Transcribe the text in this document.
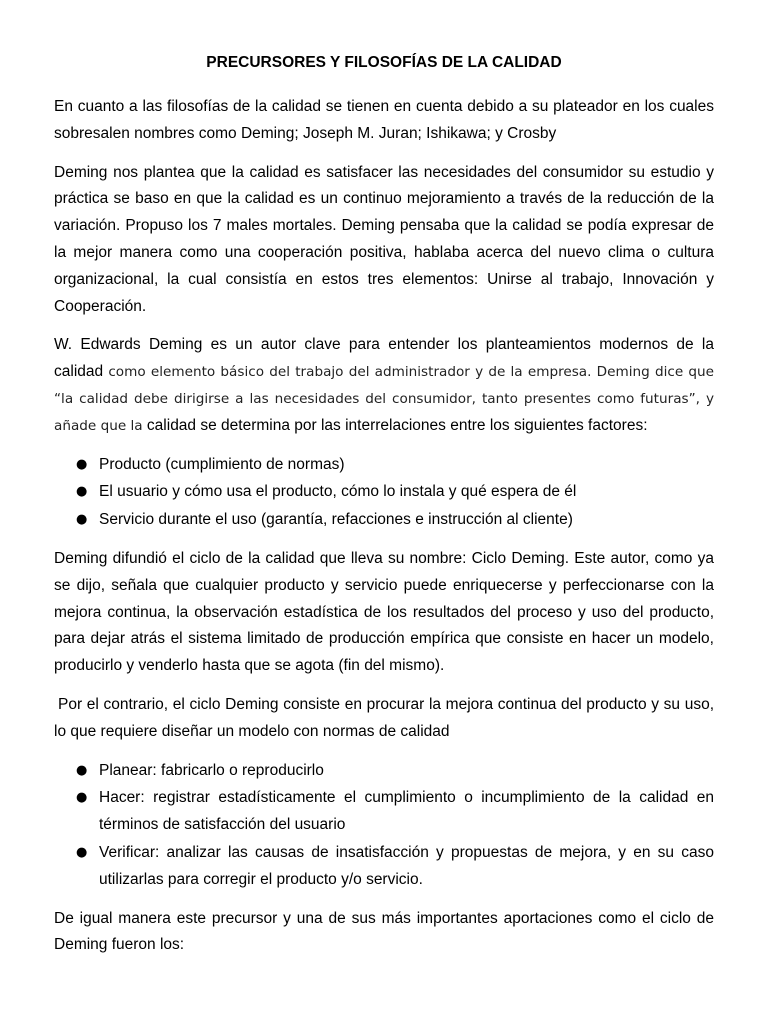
PRECURSORES Y FILOSOFÍAS DE LA CALIDAD

En cuanto a las filosofías de la calidad se tienen en cuenta debido a su plateador en los cuales sobresalen nombres como Deming; Joseph M. Juran; Ishikawa; y Crosby

Deming nos plantea que la calidad es satisfacer las necesidades del consumidor su estudio y práctica se baso en que la calidad es un continuo mejoramiento a través de la reducción de la variación. Propuso los 7 males mortales. Deming pensaba que la calidad se podía expresar de la mejor manera como una cooperación positiva, hablaba acerca del nuevo clima o cultura organizacional, la cual consistía en estos tres elementos: Unirse al trabajo, Innovación y Cooperación.

W. Edwards Deming es un autor clave para entender los planteamientos modernos de la calidad como elemento básico del trabajo del administrador y de la empresa. Deming dice que “la calidad debe dirigirse a las necesidades del consumidor, tanto presentes como futuras”, y añade que la calidad se determina por las interrelaciones entre los siguientes factores:

● Producto (cumplimiento de normas)
● El usuario y cómo usa el producto, cómo lo instala y qué espera de él
● Servicio durante el uso (garantía, refacciones e instrucción al cliente)

Deming difundió el ciclo de la calidad que lleva su nombre: Ciclo Deming. Este autor, como ya se dijo, señala que cualquier producto y servicio puede enriquecerse y perfeccionarse con la mejora continua, la observación estadística de los resultados del proceso y uso del producto, para dejar atrás el sistema limitado de producción empírica que consiste en hacer un modelo, producirlo y venderlo hasta que se agota (fin del mismo).

Por el contrario, el ciclo Deming consiste en procurar la mejora continua del producto y su uso, lo que requiere diseñar un modelo con normas de calidad

● Planear: fabricarlo o reproducirlo
● Hacer: registrar estadísticamente el cumplimiento o incumplimiento de la calidad en términos de satisfacción del usuario
● Verificar: analizar las causas de insatisfacción y propuestas de mejora, y en su caso utilizarlas para corregir el producto y/o servicio.

De igual manera este precursor y una de sus más importantes aportaciones como el ciclo de Deming fueron los:
